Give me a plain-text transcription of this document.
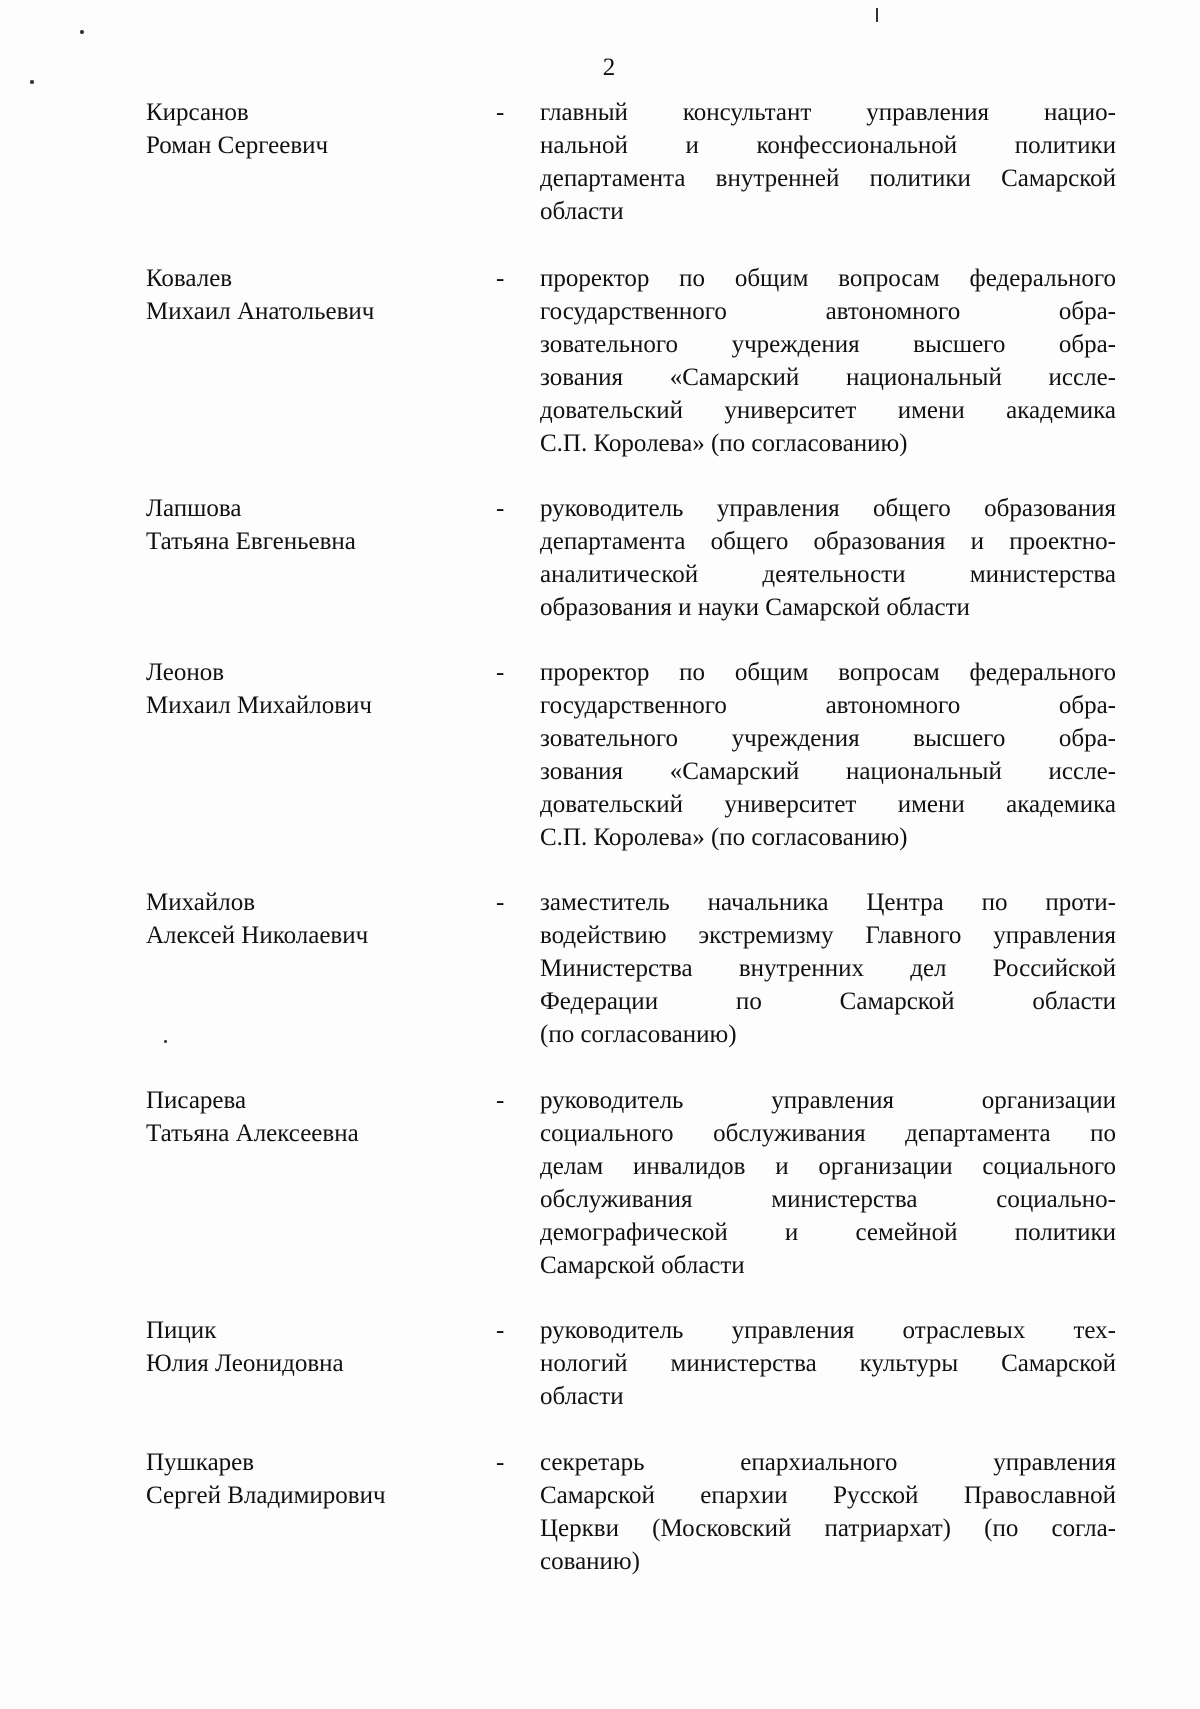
2
Кирсанов
Роман Сергеевич
- главный консультант управления нацио-
нальной и конфессиональной политики
департамента внутренней политики Самарской
области
Ковалев
Михаил Анатольевич
- проректор по общим вопросам федерального
государственного автономного обра-
зовательного учреждения высшего обра-
зования «Самарский национальный иссле-
довательский университет имени академика
С.П. Королева» (по согласованию)
Лапшова
Татьяна Евгеньевна
- руководитель управления общего образования
департамента общего образования и проектно-
аналитической деятельности министерства
образования и науки Самарской области
Леонов
Михаил Михайлович
- проректор по общим вопросам федерального
государственного автономного обра-
зовательного учреждения высшего обра-
зования «Самарский национальный иссле-
довательский университет имени академика
С.П. Королева» (по согласованию)
Михайлов
Алексей Николаевич
- заместитель начальника Центра по проти-
водействию экстремизму Главного управления
Министерства внутренних дел Российской
Федерации по Самарской области
(по согласованию)
Писарева
Татьяна Алексеевна
- руководитель управления организации
социального обслуживания департамента по
делам инвалидов и организации социального
обслуживания министерства социально-
демографической и семейной политики
Самарской области
Пицик
Юлия Леонидовна
- руководитель управления отраслевых тех-
нологий министерства культуры Самарской
области
Пушкарев
Сергей Владимирович
- секретарь епархиального управления
Самарской епархии Русской Православной
Церкви (Московский патриархат) (по согла-
сованию)
